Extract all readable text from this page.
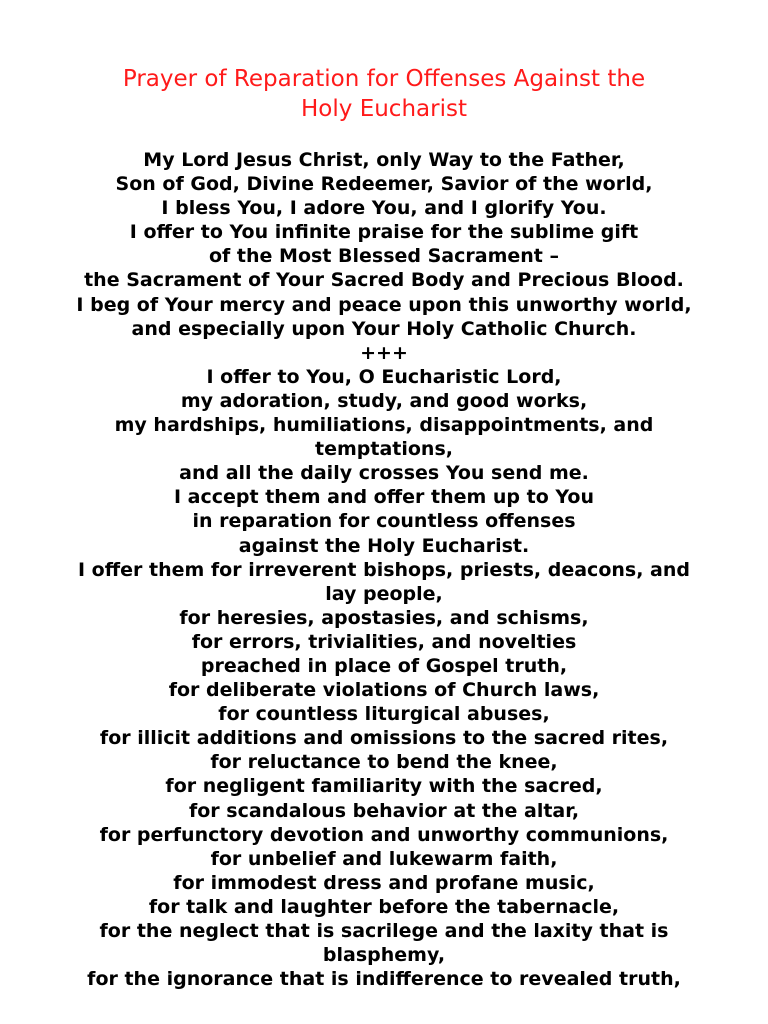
Prayer of Reparation for Offenses Against the
Holy Eucharist
My Lord Jesus Christ, only Way to the Father,
Son of God, Divine Redeemer, Savior of the world,
I bless You, I adore You, and I glorify You.
I offer to You infinite praise for the sublime gift
of the Most Blessed Sacrament –
the Sacrament of Your Sacred Body and Precious Blood.
I beg of Your mercy and peace upon this unworthy world,
and especially upon Your Holy Catholic Church.
+++
I offer to You, O Eucharistic Lord,
my adoration, study, and good works,
my hardships, humiliations, disappointments, and
temptations,
and all the daily crosses You send me.
I accept them and offer them up to You
in reparation for countless offenses
against the Holy Eucharist.
I offer them for irreverent bishops, priests, deacons, and
lay people,
for heresies, apostasies, and schisms,
for errors, trivialities, and novelties
preached in place of Gospel truth,
for deliberate violations of Church laws,
for countless liturgical abuses,
for illicit additions and omissions to the sacred rites,
for reluctance to bend the knee,
for negligent familiarity with the sacred,
for scandalous behavior at the altar,
for perfunctory devotion and unworthy communions,
for unbelief and lukewarm faith,
for immodest dress and profane music,
for talk and laughter before the tabernacle,
for the neglect that is sacrilege and the laxity that is
blasphemy,
for the ignorance that is indifference to revealed truth,
